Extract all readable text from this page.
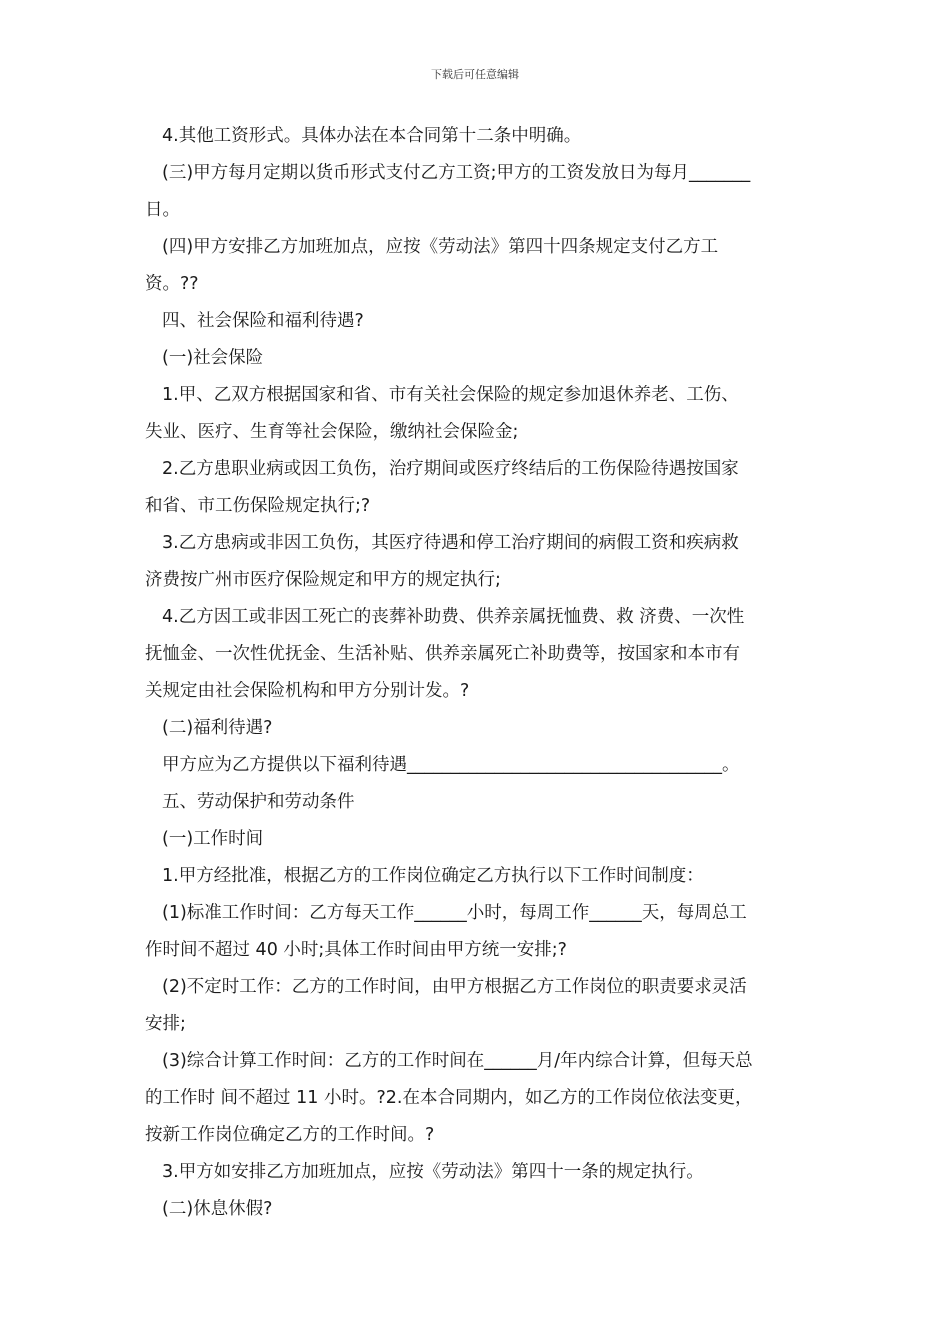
下载后可任意编辑
4.其他工资形式。具体办法在本合同第十二条中明确。
(三)甲方每月定期以货币形式支付乙方工资;甲方的工资发放日为每月_______
日。
(四)甲方安排乙方加班加点，应按《劳动法》第四十四条规定支付乙方工
资。??
四、社会保险和福利待遇?
(一)社会保险
1.甲、乙双方根据国家和省、市有关社会保险的规定参加退休养老、工伤、
失业、医疗、生育等社会保险，缴纳社会保险金;
2.乙方患职业病或因工负伤，治疗期间或医疗终结后的工伤保险待遇按国家
和省、市工伤保险规定执行;?
3.乙方患病或非因工负伤，其医疗待遇和停工治疗期间的病假工资和疾病救
济费按广州市医疗保险规定和甲方的规定执行;
4.乙方因工或非因工死亡的丧葬补助费、供养亲属抚恤费、救 济费、一次性
抚恤金、一次性优抚金、生活补贴、供养亲属死亡补助费等，按国家和本市有
关规定由社会保险机构和甲方分别计发。?
(二)福利待遇?
甲方应为乙方提供以下福利待遇____________________________________。
五、劳动保护和劳动条件
(一)工作时间
1.甲方经批准，根据乙方的工作岗位确定乙方执行以下工作时间制度：
(1)标准工作时间：乙方每天工作______小时，每周工作______天，每周总工
作时间不超过 40 小时;具体工作时间由甲方统一安排;?
(2)不定时工作：乙方的工作时间，由甲方根据乙方工作岗位的职责要求灵活
安排;
(3)综合计算工作时间：乙方的工作时间在______月/年内综合计算，但每天总
的工作时 间不超过 11 小时。?2.在本合同期内，如乙方的工作岗位依法变更，
按新工作岗位确定乙方的工作时间。?
3.甲方如安排乙方加班加点，应按《劳动法》第四十一条的规定执行。
(二)休息休假?
